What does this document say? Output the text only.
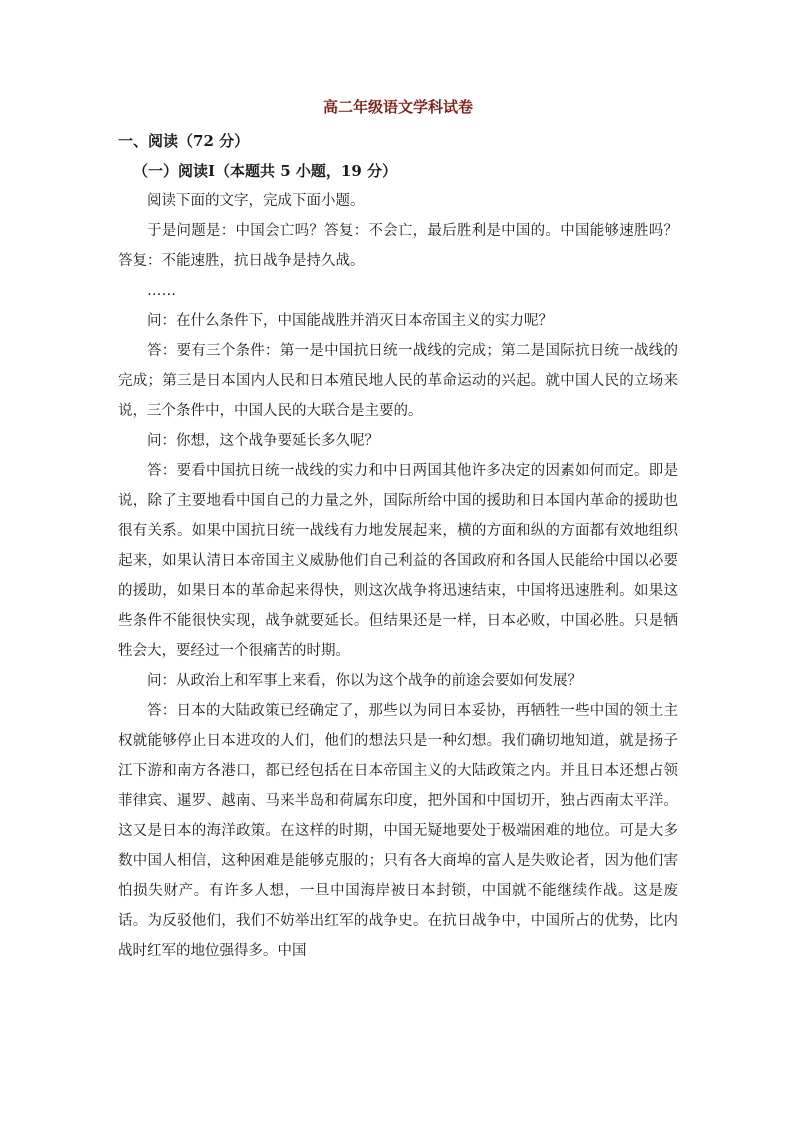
高二年级语文学科试卷
一、阅读（72 分）
（一）阅读Ⅰ（本题共 5 小题，19 分）

阅读下面的文字，完成下面小题。

于是问题是：中国会亡吗？答复：不会亡，最后胜利是中国的。中国能够速胜吗？答复：不能速胜，抗日战争是持久战。

……

问：在什么条件下，中国能战胜并消灭日本帝国主义的实力呢？

答：要有三个条件：第一是中国抗日统一战线的完成；第二是国际抗日统一战线的完成；第三是日本国内人民和日本殖民地人民的革命运动的兴起。就中国人民的立场来说，三个条件中，中国人民的大联合是主要的。

问：你想，这个战争要延长多久呢？

答：要看中国抗日统一战线的实力和中日两国其他许多决定的因素如何而定。即是说，除了主要地看中国自己的力量之外，国际所给中国的援助和日本国内革命的援助也很有关系。如果中国抗日统一战线有力地发展起来，横的方面和纵的方面都有效地组织起来，如果认清日本帝国主义威胁他们自己利益的各国政府和各国人民能给中国以必要的援助，如果日本的革命起来得快，则这次战争将迅速结束，中国将迅速胜利。如果这些条件不能很快实现，战争就要延长。但结果还是一样，日本必败，中国必胜。只是牺牲会大，要经过一个很痛苦的时期。

问：从政治上和军事上来看，你以为这个战争的前途会要如何发展？

答：日本的大陆政策已经确定了，那些以为同日本妥协，再牺牲一些中国的领土主权就能够停止日本进攻的人们，他们的想法只是一种幻想。我们确切地知道，就是扬子江下游和南方各港口，都已经包括在日本帝国主义的大陆政策之内。并且日本还想占领菲律宾、暹罗、越南、马来半岛和荷属东印度，把外国和中国切开，独占西南太平洋。这又是日本的海洋政策。在这样的时期，中国无疑地要处于极端困难的地位。可是大多数中国人相信，这种困难是能够克服的；只有各大商埠的富人是失败论者，因为他们害怕损失财产。有许多人想，一旦中国海岸被日本封锁，中国就不能继续作战。这是废话。为反驳他们，我们不妨举出红军的战争史。在抗日战争中，中国所占的优势，比内战时红军的地位强得多。中国
